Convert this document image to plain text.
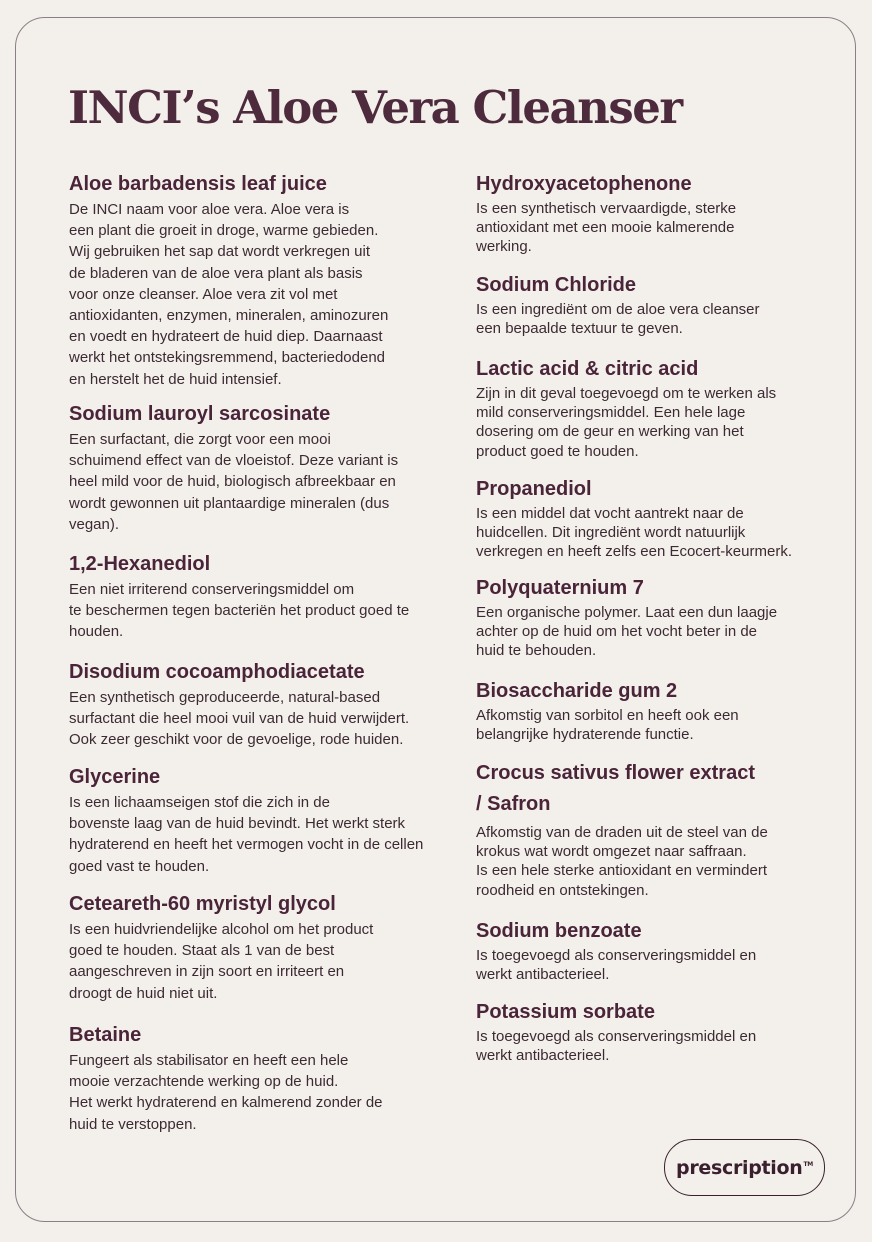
INCI’s Aloe Vera Cleanser
Aloe barbadensis leaf juice

De INCI naam voor aloe vera. Aloe vera is
een plant die groeit in droge, warme gebieden.
Wij gebruiken het sap dat wordt verkregen uit
de bladeren van de aloe vera plant als basis
voor onze cleanser. Aloe vera zit vol met
antioxidanten, enzymen, mineralen, aminozuren
en voedt en hydrateert de huid diep. Daarnaast
werkt het ontstekingsremmend, bacteriedodend
en herstelt het de huid intensief.

Sodium lauroyl sarcosinate

Een surfactant, die zorgt voor een mooi
schuimend effect van de vloeistof. Deze variant is
heel mild voor de huid, biologisch afbreekbaar en
wordt gewonnen uit plantaardige mineralen (dus
vegan).

1,2-Hexanediol

Een niet irriterend conserveringsmiddel om
te beschermen tegen bacteriën het product goed te
houden.

Disodium cocoamphodiacetate

Een synthetisch geproduceerde, natural-based
surfactant die heel mooi vuil van de huid verwijdert.
Ook zeer geschikt voor de gevoelige, rode huiden.

Glycerine

Is een lichaamseigen stof die zich in de
bovenste laag van de huid bevindt. Het werkt sterk
hydraterend en heeft het vermogen vocht in de cellen
goed vast te houden.

Ceteareth-60 myristyl glycol

Is een huidvriendelijke alcohol om het product
goed te houden. Staat als 1 van de best
aangeschreven in zijn soort en irriteert en
droogt de huid niet uit.

Betaine

Fungeert als stabilisator en heeft een hele
mooie verzachtende werking op de huid.
Het werkt hydraterend en kalmerend zonder de
huid te verstoppen.

Hydroxyacetophenone

Is een synthetisch vervaardigde, sterke
antioxidant met een mooie kalmerende
werking.

Sodium Chloride

Is een ingrediënt om de aloe vera cleanser
een bepaalde textuur te geven.

Lactic acid & citric acid

Zijn in dit geval toegevoegd om te werken als
mild conserveringsmiddel. Een hele lage
dosering om de geur en werking van het
product goed te houden.

Propanediol

Is een middel dat vocht aantrekt naar de
huidcellen. Dit ingrediënt wordt natuurlijk
verkregen en heeft zelfs een Ecocert-keurmerk.

Polyquaternium 7

Een organische polymer. Laat een dun laagje
achter op de huid om het vocht beter in de
huid te behouden.

Biosaccharide gum 2

Afkomstig van sorbitol en heeft ook een
belangrijke hydraterende functie.

Crocus sativus flower extract
/ Safron

Afkomstig van de draden uit de steel van de
krokus wat wordt omgezet naar saffraan.
Is een hele sterke antioxidant en vermindert
roodheid en ontstekingen.

Sodium benzoate

Is toegevoegd als conserveringsmiddel en
werkt antibacterieel.

Potassium sorbate

Is toegevoegd als conserveringsmiddel en
werkt antibacterieel.

prescription™
